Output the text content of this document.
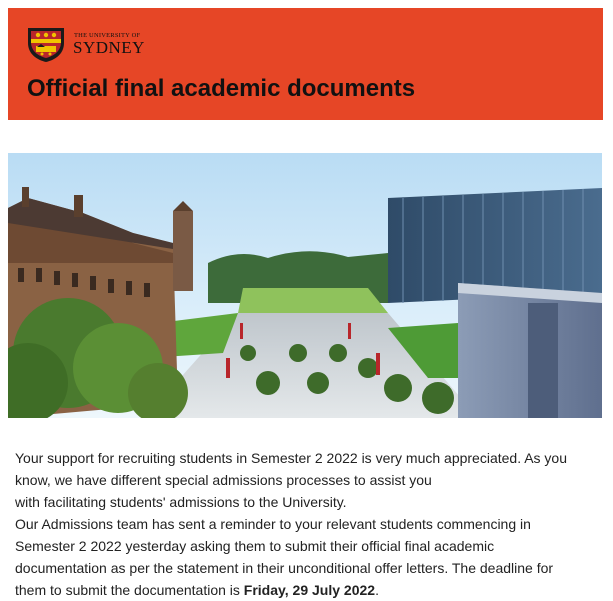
THE UNIVERSITY OF
SYDNEY
Official final academic documents

Your support for recruiting students in Semester 2 2022 is very much appreciated. As you
know, we have different special admissions processes to assist you
with facilitating students' admissions to the University.

Our Admissions team has sent a reminder to your relevant students commencing in
Semester 2 2022 yesterday asking them to submit their official final academic
documentation as per the statement in their unconditional offer letters. The deadline for
them to submit the documentation is Friday, 29 July 2022.
